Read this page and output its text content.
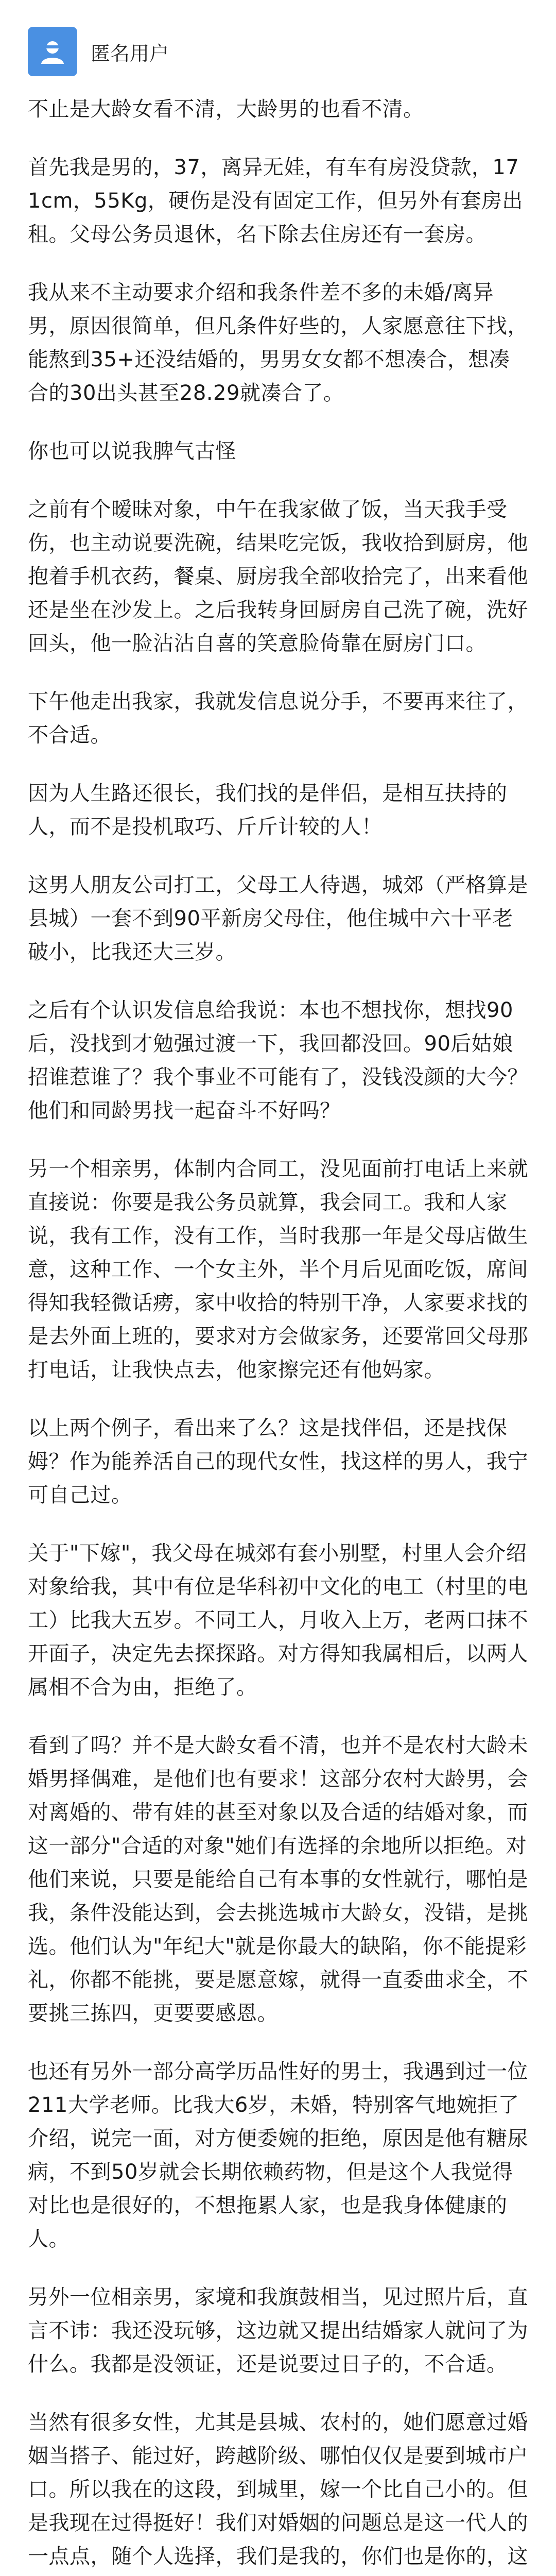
匿名用户

不止是大龄女看不清，大龄男的也看不清。

首先我是男的，37，离异无娃，有车有房没贷款，171cm，55Kg，硬伤是没有固定工作，但另外有套房出租。父母公务员退休，名下除去住房还有一套房。

我从来不主动要求介绍和我条件差不多的未婚/离异男，原因很简单，但凡条件好些的，人家愿意往下找，能熬到35+还没结婚的，男男女女都不想凑合，想凑合的30出头甚至28.29就凑合了。

你也可以说我脾气古怪

之前有个暧昧对象，中午在我家做了饭，当天我手受伤，也主动说要洗碗，结果吃完饭，我收拾到厨房，他抱着手机衣药，餐桌、厨房我全部收拾完了，出来看他还是坐在沙发上。之后我转身回厨房自己洗了碗，洗好回头，他一脸沾沾自喜的笑意脸倚靠在厨房门口。

下午他走出我家，我就发信息说分手，不要再来往了，不合适。

因为人生路还很长，我们找的是伴侣，是相互扶持的人，而不是投机取巧、斤斤计较的人！

这男人朋友公司打工，父母工人待遇，城郊（严格算是县城）一套不到90平新房父母住，他住城中六十平老破小，比我还大三岁。

之后有个认识发信息给我说：本也不想找你，想找90后，没找到才勉强过渡一下，我回都没回。90后姑娘招谁惹谁了？我个事业不可能有了，没钱没颜的大今？他们和同龄男找一起奋斗不好吗？

另一个相亲男，体制内合同工，没见面前打电话上来就直接说：你要是我公务员就算，我会同工。我和人家说，我有工作，没有工作，当时我那一年是父母店做生意，这种工作、一个女主外，半个月后见面吃饭，席间得知我轻微话痨，家中收拾的特别干净，人家要求找的是去外面上班的，要求对方会做家务，还要常回父母那打电话，让我快点去，他家擦完还有他妈家。

以上两个例子，看出来了么？这是找伴侣，还是找保姆？作为能养活自己的现代女性，找这样的男人，我宁可自己过。

关于"下嫁"，我父母在城郊有套小别墅，村里人会介绍对象给我，其中有位是华科初中文化的电工（村里的电工）比我大五岁。不同工人，月收入上万，老两口抹不开面子，决定先去探探路。对方得知我属相后，以两人属相不合为由，拒绝了。

看到了吗？并不是大龄女看不清，也并不是农村大龄未婚男择偶难，是他们也有要求！这部分农村大龄男，会对离婚的、带有娃的甚至对象以及合适的结婚对象，而这一部分"合适的对象"她们有选择的余地所以拒绝。对他们来说，只要是能给自己有本事的女性就行，哪怕是我，条件没能达到，会去挑选城市大龄女，没错，是挑选。他们认为"年纪大"就是你最大的缺陷，你不能提彩礼，你都不能挑，要是愿意嫁，就得一直委曲求全，不要挑三拣四，更要要感恩。

也还有另外一部分高学历品性好的男士，我遇到过一位211大学老师。比我大6岁，未婚，特别客气地婉拒了介绍，说完一面，对方便委婉的拒绝，原因是他有糖尿病，不到50岁就会长期依赖药物，但是这个人我觉得对比也是很好的，不想拖累人家，也是我身体健康的人。

另外一位相亲男，家境和我旗鼓相当，见过照片后，直言不讳：我还没玩够，这边就又提出结婚家人就问了为什么。我都是没领证，还是说要过日子的，不合适。

当然有很多女性，尤其是县城、农村的，她们愿意过婚姻当搭子、能过好，跨越阶级、哪怕仅仅是要到城市户口。所以我在的这段，到城里，嫁一个比自己小的。但是我现在过得挺好！我们对婚姻的问题总是这一代人的一点点，随个人选择，我们是我的，你们也是你的，这
